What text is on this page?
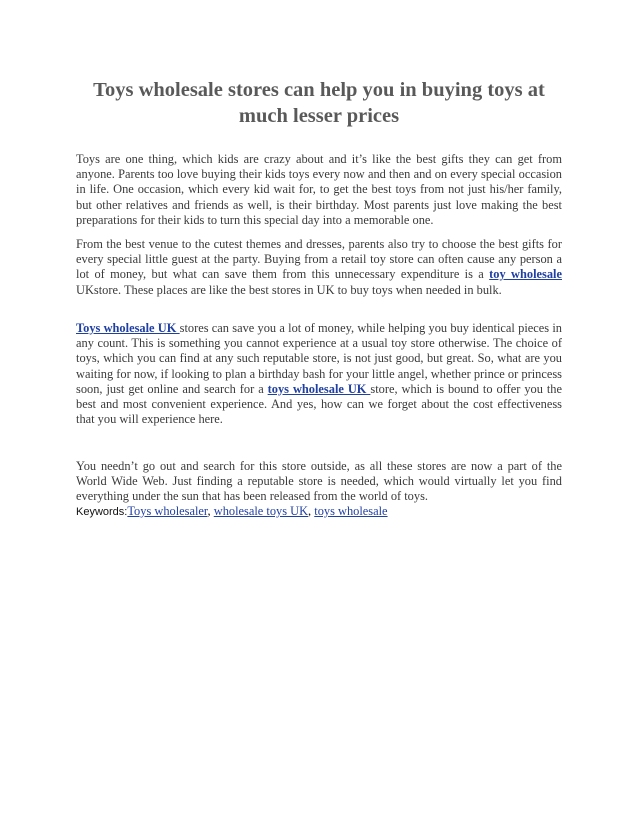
Toys wholesale stores can help you in buying toys at much lesser prices

Toys are one thing, which kids are crazy about and it’s like the best gifts they can get from anyone. Parents too love buying their kids toys every now and then and on every special occasion in life. One occasion, which every kid wait for, to get the best toys from not just his/her family, but other relatives and friends as well, is their birthday. Most parents just love making the best preparations for their kids to turn this special day into a memorable one.

From the best venue to the cutest themes and dresses, parents also try to choose the best gifts for every special little guest at the party. Buying from a retail toy store can often cause any person a lot of money, but what can save them from this unnecessary expenditure is a toy wholesale UKstore. These places are like the best stores in UK to buy toys when needed in bulk.

Toys wholesale UK stores can save you a lot of money, while helping you buy identical pieces in any count. This is something you cannot experience at a usual toy store otherwise. The choice of toys, which you can find at any such reputable store, is not just good, but great. So, what are you waiting for now, if looking to plan a birthday bash for your little angel, whether prince or princess soon, just get online and search for a toys wholesale UK store, which is bound to offer you the best and most convenient experience. And yes, how can we forget about the cost effectiveness that you will experience here.

You needn’t go out and search for this store outside, as all these stores are now a part of the World Wide Web. Just finding a reputable store is needed, which would virtually let you find everything under the sun that has been released from the world of toys.

Keywords:Toys wholesaler, wholesale toys UK, toys wholesale
